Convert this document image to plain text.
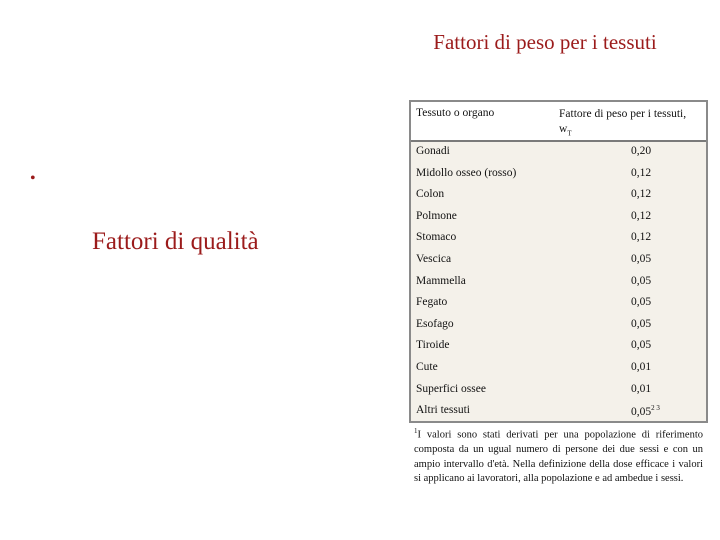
Fattori di peso per i tessuti
•
Fattori di qualità
Tessuto o organo	Fattore di peso per i tessuti, $w_T$
Gonadi	0,20
Midollo osseo (rosso)	0,12
Colon	0,12
Polmone	0,12
Stomaco	0,12
Vescica	0,05
Mammella	0,05
Fegato	0,05
Esofago	0,05
Tiroide	0,05
Cute	0,01
Superfici ossee	0,01
Altri tessuti	$0,05^{2 3}$
$^1$I valori sono stati derivati per una popolazione di riferimento composta da un ugual numero di persone dei due sessi e con un ampio intervallo d'età. Nella definizione della dose efficace i valori si applicano ai lavoratori, alla popolazione e ad ambedue i sessi.
